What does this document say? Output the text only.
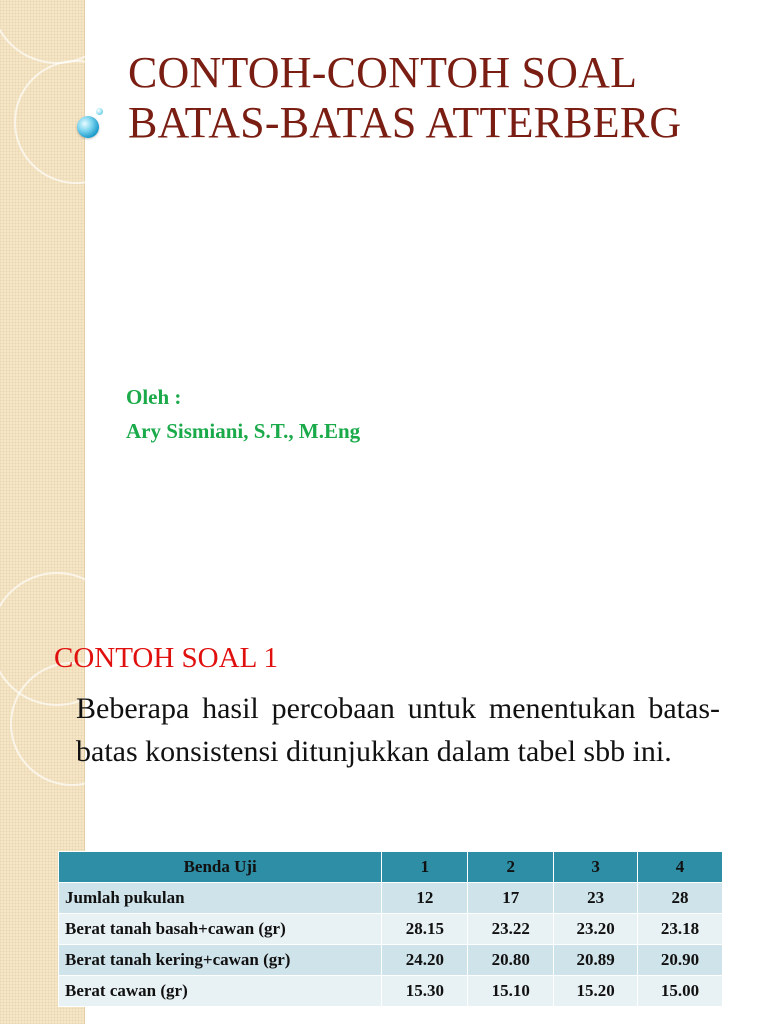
CONTOH-CONTOH SOAL
BATAS-BATAS ATTERBERG
Oleh :
Ary Sismiani, S.T., M.Eng
CONTOH SOAL 1

Beberapa hasil percobaan untuk menentukan batas-batas konsistensi ditunjukkan dalam tabel sbb ini.

Benda Uji	1	2	3	4
Jumlah pukulan	12	17	23	28
Berat tanah basah+cawan (gr)	28.15	23.22	23.20	23.18
Berat tanah kering+cawan (gr)	24.20	20.80	20.89	20.90
Berat cawan (gr)	15.30	15.10	15.20	15.00
